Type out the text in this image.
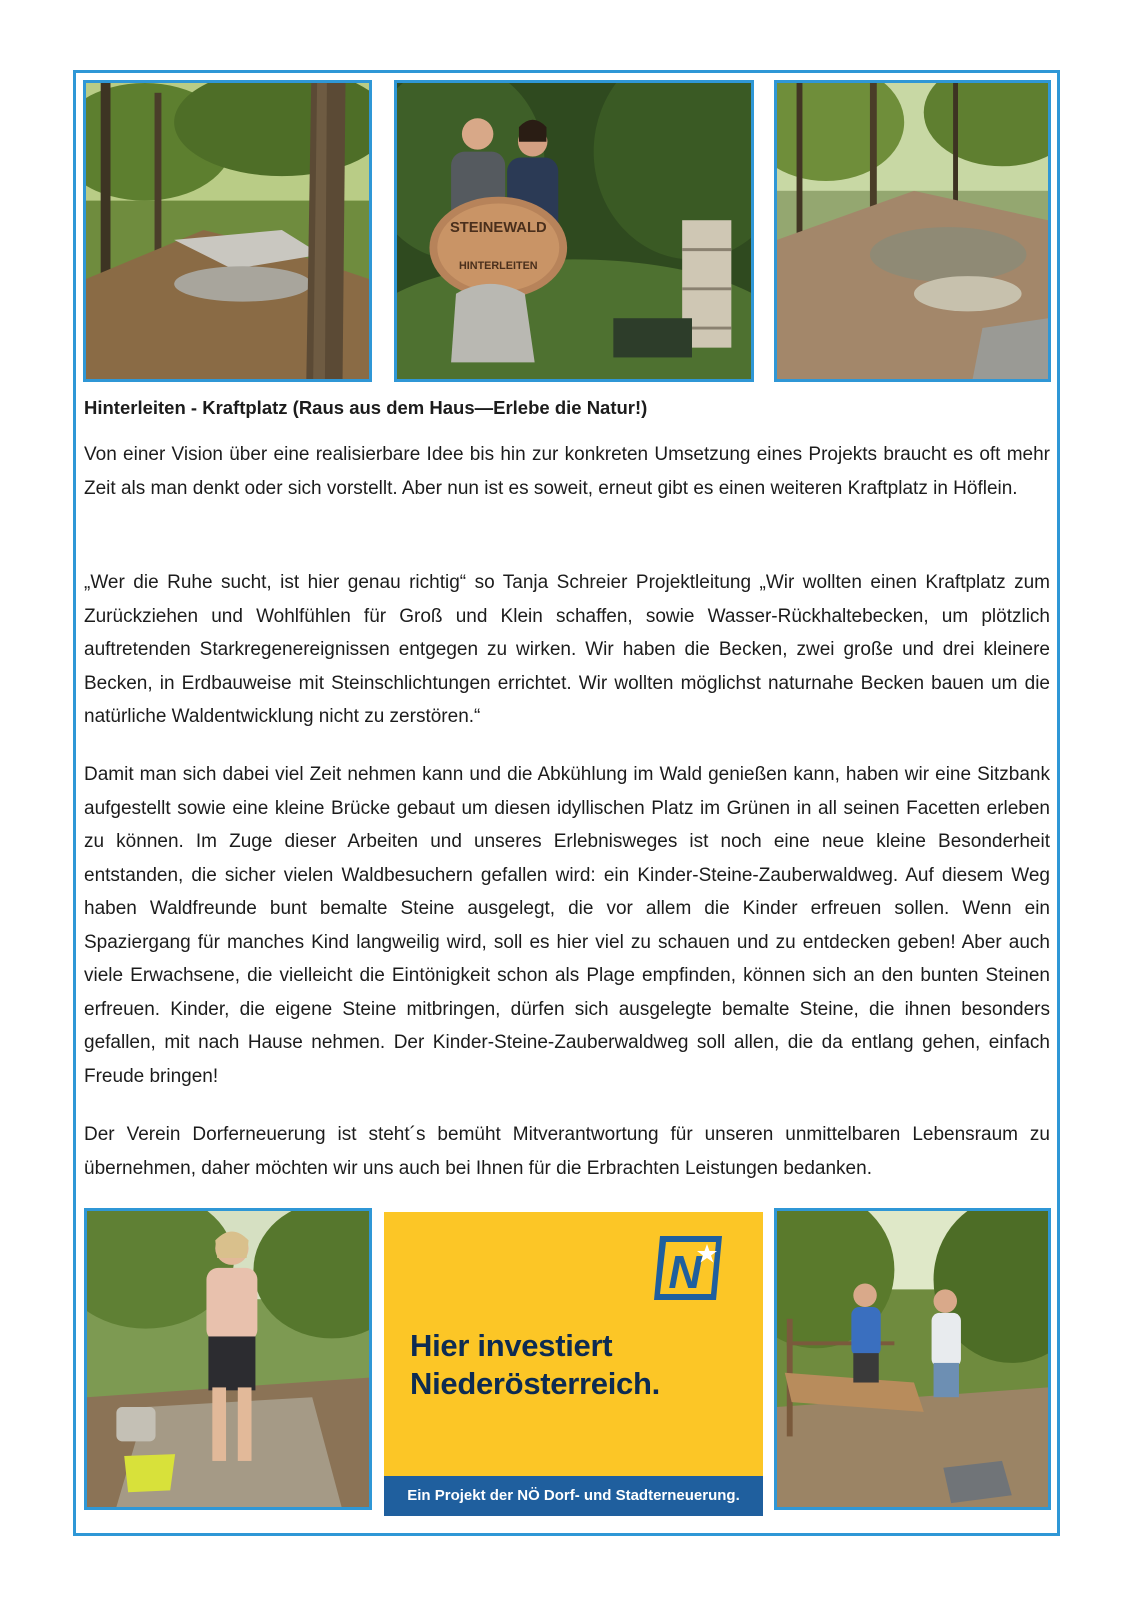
STEINEWALD
HINTERLEITEN
Hinterleiten - Kraftplatz (Raus aus dem Haus—Erlebe die Natur!)
Von einer Vision über eine realisierbare Idee bis hin zur konkreten Umsetzung eines Projekts braucht es oft mehr Zeit als man denkt oder sich vorstellt. Aber nun ist es soweit, erneut gibt es einen weiteren Kraftplatz in Höflein.
„Wer die Ruhe sucht, ist hier genau richtig“ so Tanja Schreier Projektleitung „Wir wollten einen Kraftplatz zum Zurückziehen und Wohlfühlen für Groß und Klein schaffen, sowie Wasser-Rückhaltebecken, um plötzlich auftretenden Starkregenereignissen entgegen zu wirken. Wir haben die Becken, zwei große und drei kleinere Becken, in Erdbauweise mit Steinschlichtungen errichtet. Wir wollten möglichst naturnahe Becken bauen um die natürliche Waldentwicklung nicht zu zerstören.“
Damit man sich dabei viel Zeit nehmen kann und die Abkühlung im Wald genießen kann, haben wir eine Sitzbank aufgestellt sowie eine kleine Brücke gebaut um diesen idyllischen Platz im Grünen in all seinen Facetten erleben zu können. Im Zuge dieser Arbeiten und unseres Erlebnisweges ist noch eine neue kleine Besonderheit entstanden, die sicher vielen Waldbesuchern gefallen wird: ein Kinder-Steine-Zauberwaldweg. Auf diesem Weg haben Waldfreunde bunt bemalte Steine ausgelegt, die vor allem die Kinder erfreuen sollen. Wenn ein Spaziergang für manches Kind langweilig wird, soll es hier viel zu schauen und zu entdecken geben! Aber auch viele Erwachsene, die vielleicht die Eintönigkeit schon als Plage empfinden, können sich an den bunten Steinen erfreuen. Kinder, die eigene Steine mitbringen, dürfen sich ausgelegte bemalte Steine, die ihnen besonders gefallen, mit nach Hause nehmen. Der Kinder-Steine-Zauberwaldweg soll allen, die da entlang gehen, einfach Freude bringen!
Der Verein Dorferneuerung ist steht´s bemüht Mitverantwortung für unseren unmittelbaren Lebensraum zu übernehmen, daher möchten wir uns auch bei Ihnen für die Erbrachten Leistungen bedanken.
N
Hier investiert
Niederösterreich.
Ein Projekt der NÖ Dorf- und Stadterneuerung.
